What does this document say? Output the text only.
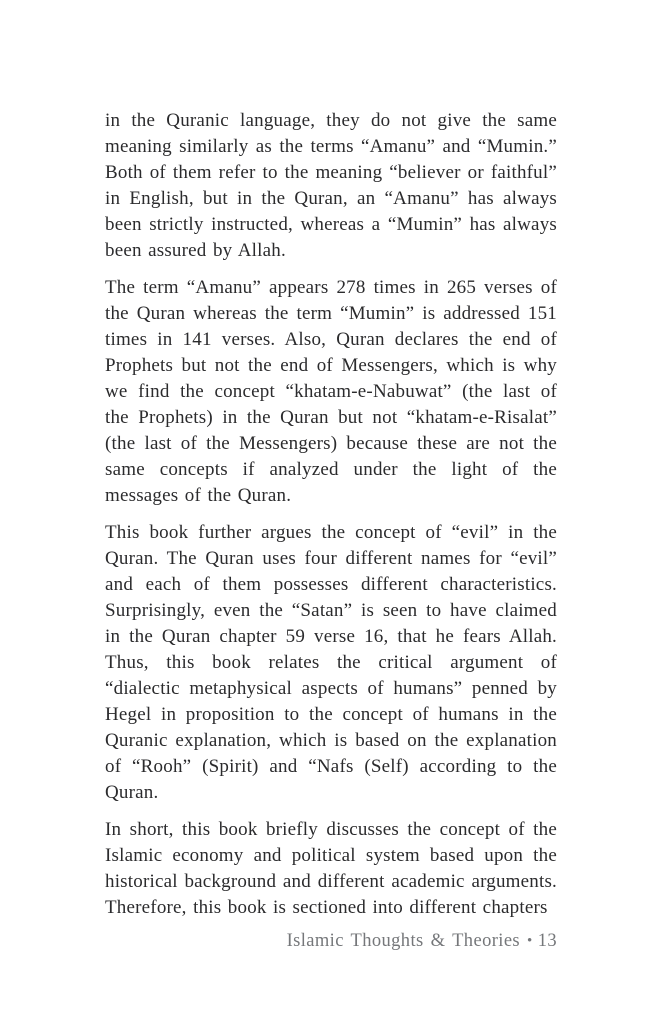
in the Quranic language, they do not give the same meaning similarly as the terms “Amanu” and “Mumin.” Both of them refer to the meaning “believer or faithful” in English, but in the Quran, an “Amanu” has always been strictly instructed, whereas a “Mumin” has always been assured by Allah.

The term “Amanu” appears 278 times in 265 verses of the Quran whereas the term “Mumin” is addressed 151 times in 141 verses. Also, Quran declares the end of Prophets but not the end of Messengers, which is why we find the concept “khatam-e-Nabuwat” (the last of the Prophets) in the Quran but not “khatam-e-Risalat” (the last of the Messengers) because these are not the same concepts if analyzed under the light of the messages of the Quran.

This book further argues the concept of “evil” in the Quran. The Quran uses four different names for “evil” and each of them possesses different characteristics. Surprisingly, even the “Satan” is seen to have claimed in the Quran chapter 59 verse 16, that he fears Allah. Thus, this book relates the critical argument of “dialectic metaphysical aspects of humans” penned by Hegel in proposition to the concept of humans in the Quranic explanation, which is based on the explanation of “Rooh” (Spirit) and “Nafs (Self) according to the Quran.

In short, this book briefly discusses the concept of the Islamic economy and political system based upon the historical background and different academic arguments. Therefore, this book is sectioned into different chapters

Islamic Thoughts & Theories • 13
